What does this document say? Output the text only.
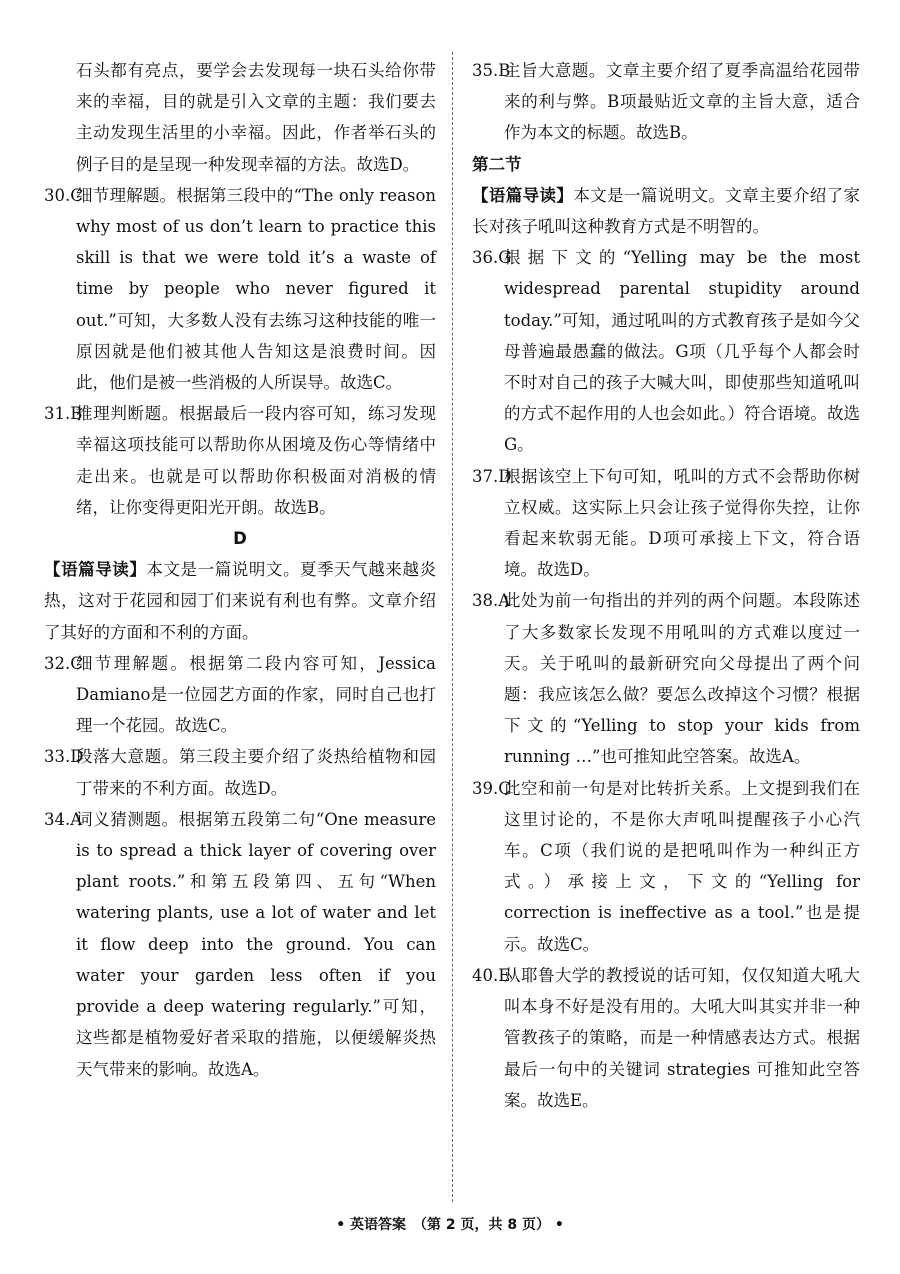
石头都有亮点，要学会去发现每一块石头给你带来的幸福，目的就是引入文章的主题：我们要去主动发现生活里的小幸福。因此，作者举石头的例子目的是呈现一种发现幸福的方法。故选D。

30.C
细节理解题。根据第三段中的“The only reason why most of us don’t learn to practice this skill is that we were told it’s a waste of time by people who never figured it out.”可知，大多数人没有去练习这种技能的唯一原因就是他们被其他人告知这是浪费时间。因此，他们是被一些消极的人所误导。故选C。
31.B
推理判断题。根据最后一段内容可知，练习发现幸福这项技能可以帮助你从困境及伤心等情绪中走出来。也就是可以帮助你积极面对消极的情绪，让你变得更阳光开朗。故选B。

D

【语篇导读】本文是一篇说明文。夏季天气越来越炎热，这对于花园和园丁们来说有利也有弊。文章介绍了其好的方面和不利的方面。

32.C
细节理解题。根据第二段内容可知，Jessica Damiano是一位园艺方面的作家，同时自己也打理一个花园。故选C。
33.D
段落大意题。第三段主要介绍了炎热给植物和园丁带来的不利方面。故选D。
34.A
词义猜测题。根据第五段第二句“One measure is to spread a thick layer of covering over plant roots.”和第五段第四、五句“When watering plants, use a lot of water and let it flow deep into the ground. You can water your garden less often if you provide a deep watering regularly.”可知，这些都是植物爱好者采取的措施，以便缓解炎热天气带来的影响。故选A。
35.B
主旨大意题。文章主要介绍了夏季高温给花园带来的利与弊。B项最贴近文章的主旨大意，适合作为本文的标题。故选B。

第二节

【语篇导读】本文是一篇说明文。文章主要介绍了家长对孩子吼叫这种教育方式是不明智的。

36.G
根据下文的“Yelling may be the most widespread parental stupidity around today.”可知，通过吼叫的方式教育孩子是如今父母普遍最愚蠢的做法。G项（几乎每个人都会时不时对自己的孩子大喊大叫，即使那些知道吼叫的方式不起作用的人也会如此。）符合语境。故选G。
37.D
根据该空上下句可知，吼叫的方式不会帮助你树立权威。这实际上只会让孩子觉得你失控，让你看起来软弱无能。D项可承接上下文，符合语境。故选D。
38.A
此处为前一句指出的并列的两个问题。本段陈述了大多数家长发现不用吼叫的方式难以度过一天。关于吼叫的最新研究向父母提出了两个问题：我应该怎么做？要怎么改掉这个习惯？根据下文的“Yelling to stop your kids from running …”也可推知此空答案。故选A。
39.C
此空和前一句是对比转折关系。上文提到我们在这里讨论的，不是你大声吼叫提醒孩子小心汽车。C项（我们说的是把吼叫作为一种纠正方式。）承接上文，下文的“Yelling for correction is ineffective as a tool.”也是提示。故选C。
40.E
从耶鲁大学的教授说的话可知，仅仅知道大吼大叫本身不好是没有用的。大吼大叫其实并非一种管教孩子的策略，而是一种情感表达方式。根据最后一句中的关键词 strategies 可推知此空答案。故选E。
• 英语答案　（第 2 页，共 8 页） •
